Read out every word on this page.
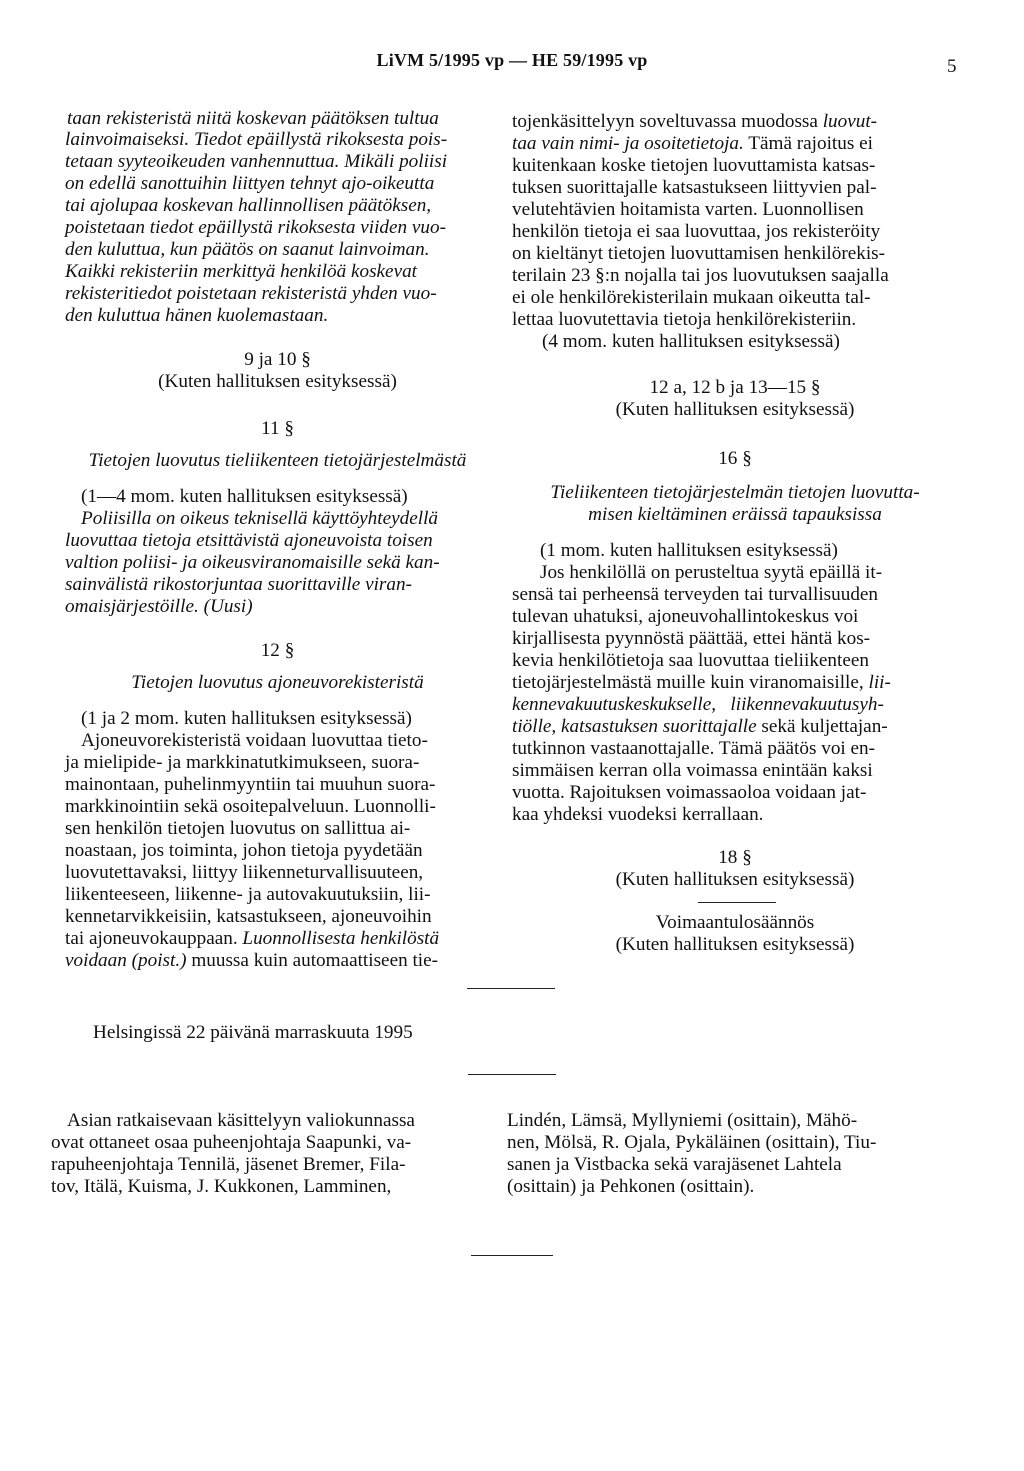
LiVM 5/1995 vp — HE 59/1995 vp	5
taan rekisteristä niitä koskevan päätöksen tultua
lainvoimaiseksi. Tiedot epäillystä rikoksesta pois-
tetaan syyteoikeuden vanhennuttua. Mikäli poliisi
on edellä sanottuihin liittyen tehnyt ajo-oikeutta
tai ajolupaa koskevan hallinnollisen päätöksen,
poistetaan tiedot epäillystä rikoksesta viiden vuo-
den kuluttua, kun päätös on saanut lainvoiman.
Kaikki rekisteriin merkittyä henkilöä koskevat
rekisteritiedot poistetaan rekisteristä yhden vuo-
den kuluttua hänen kuolemastaan.
9 ja 10 §
(Kuten hallituksen esityksessä)
11 §
Tietojen luovutus tieliikenteen tietojärjestelmästä
(1—4 mom. kuten hallituksen esityksessä)
Poliisilla on oikeus teknisellä käyttöyhteydellä
luovuttaa tietoja etsittävistä ajoneuvoista toisen
valtion poliisi- ja oikeusviranomaisille sekä kan-
sainvälistä rikostorjuntaa suorittaville viran-
omaisjärjestöille. (Uusi)
12 §
Tietojen luovutus ajoneuvorekisteristä
(1 ja 2 mom. kuten hallituksen esityksessä)
Ajoneuvorekisteristä voidaan luovuttaa tieto-
ja mielipide- ja markkinatutkimukseen, suora-
mainontaan, puhelinmyyntiin tai muuhun suora-
markkinointiin sekä osoitepalveluun. Luonnolli-
sen henkilön tietojen luovutus on sallittua ai-
noastaan, jos toiminta, johon tietoja pyydetään
luovutettavaksi, liittyy liikenneturvallisuuteen,
liikenteeseen, liikenne- ja autovakuutuksiin, lii-
kennetarvikkeisiin, katsastukseen, ajoneuvoihin
tai ajoneuvokauppaan. Luonnollisesta henkilöstä
voidaan (poist.) muussa kuin automaattiseen tie-
tojenkäsittelyyn soveltuvassa muodossa luovut-
taa vain nimi- ja osoitetietoja. Tämä rajoitus ei
kuitenkaan koske tietojen luovuttamista katsas-
tuksen suorittajalle katsastukseen liittyvien pal-
velutehtävien hoitamista varten. Luonnollisen
henkilön tietoja ei saa luovuttaa, jos rekisteröity
on kieltänyt tietojen luovuttamisen henkilörekis-
terilain 23 §:n nojalla tai jos luovutuksen saajalla
ei ole henkilörekisterilain mukaan oikeutta tal-
lettaa luovutettavia tietoja henkilörekisteriin.
(4 mom. kuten hallituksen esityksessä)
12 a, 12 b ja 13—15 §
(Kuten hallituksen esityksessä)
16 §
Tieliikenteen tietojärjestelmän tietojen luovutta-
misen kieltäminen eräissä tapauksissa
(1 mom. kuten hallituksen esityksessä)
Jos henkilöllä on perusteltua syytä epäillä it-
sensä tai perheensä terveyden tai turvallisuuden
tulevan uhatuksi, ajoneuvohallintokeskus voi
kirjallisesta pyynnöstä päättää, ettei häntä kos-
kevia henkilötietoja saa luovuttaa tieliikenteen
tietojärjestelmästä muille kuin viranomaisille, lii-
kennevakuutuskeskukselle, liikennevakuutusyh-
tiölle, katsastuksen suorittajalle sekä kuljettajan-
tutkinnon vastaanottajalle. Tämä päätös voi en-
simmäisen kerran olla voimassa enintään kaksi
vuotta. Rajoituksen voimassaoloa voidaan jat-
kaa yhdeksi vuodeksi kerrallaan.
18 §
(Kuten hallituksen esityksessä)
Voimaantulosäännös
(Kuten hallituksen esityksessä)
Helsingissä 22 päivänä marraskuuta 1995
Asian ratkaisevaan käsittelyyn valiokunnassa
ovat ottaneet osaa puheenjohtaja Saapunki, va-
rapuheenjohtaja Tennilä, jäsenet Bremer, Fila-
tov, Itälä, Kuisma, J. Kukkonen, Lamminen,
Lindén, Lämsä, Myllyniemi (osittain), Mähö-
nen, Mölsä, R. Ojala, Pykäläinen (osittain), Tiu-
sanen ja Vistbacka sekä varajäsenet Lahtela
(osittain) ja Pehkonen (osittain).
